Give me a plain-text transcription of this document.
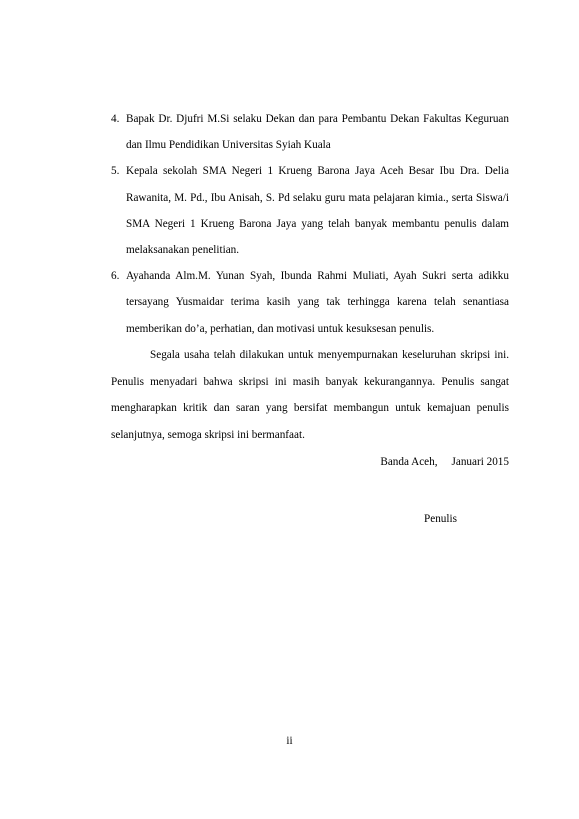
4. Bapak Dr. Djufri M.Si selaku Dekan dan para Pembantu Dekan Fakultas Keguruan dan Ilmu Pendidikan Universitas Syiah Kuala
5. Kepala sekolah SMA Negeri 1 Krueng Barona Jaya Aceh Besar Ibu Dra. Delia Rawanita, M. Pd., Ibu Anisah, S. Pd selaku guru mata pelajaran kimia., serta Siswa/i SMA Negeri 1 Krueng Barona Jaya yang telah banyak membantu penulis dalam melaksanakan penelitian.
6. Ayahanda Alm.M. Yunan Syah, Ibunda Rahmi Muliati, Ayah Sukri serta adikku tersayang Yusmaidar terima kasih yang tak terhingga karena telah senantiasa memberikan do’a, perhatian, dan motivasi untuk kesuksesan penulis.

Segala usaha telah dilakukan untuk menyempurnakan keseluruhan skripsi ini. Penulis menyadari bahwa skripsi ini masih banyak kekurangannya. Penulis sangat mengharapkan kritik dan saran yang bersifat membangun untuk kemajuan penulis selanjutnya, semoga skripsi ini bermanfaat.

Banda Aceh,     Januari 2015
Penulis
ii
